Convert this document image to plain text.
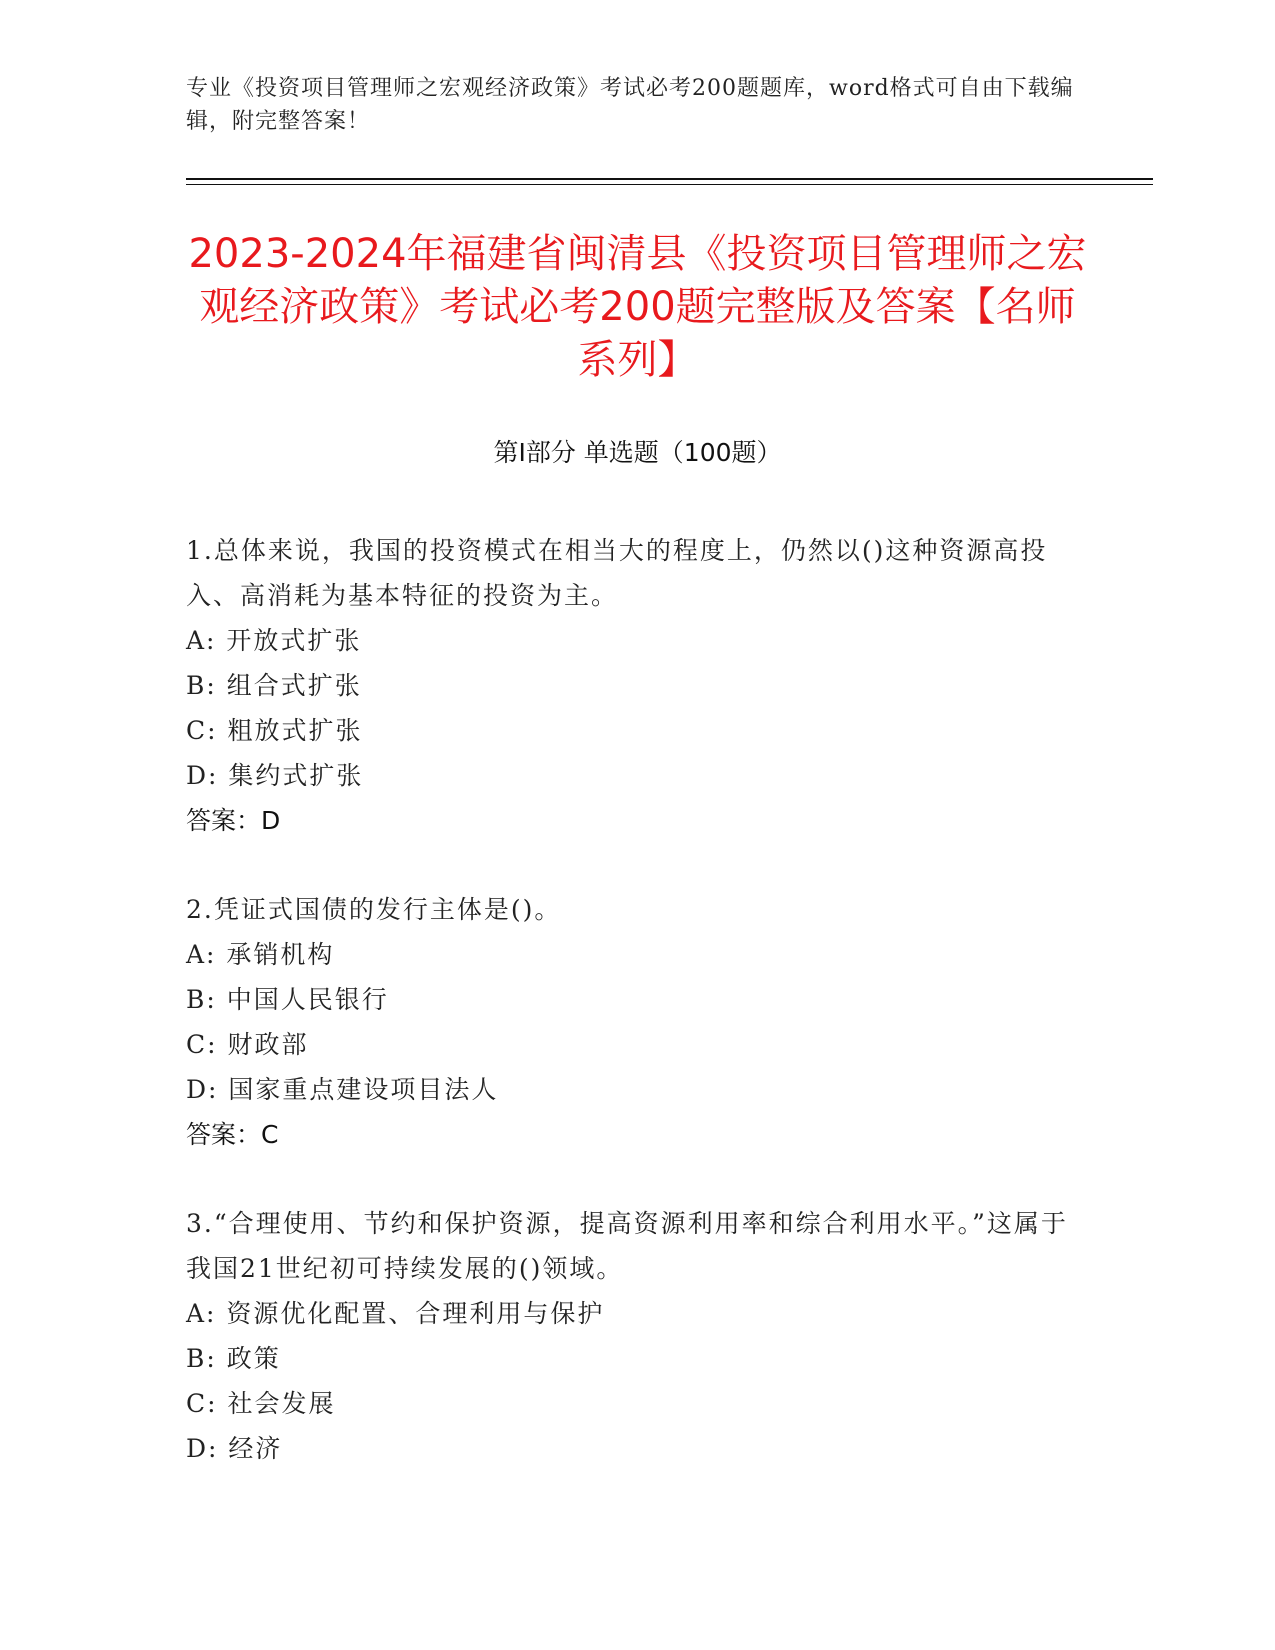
专业《投资项目管理师之宏观经济政策》考试必考200题题库，word格式可自由下载编辑，附完整答案！
2023-2024年福建省闽清县《投资项目管理师之宏观经济政策》考试必考200题完整版及答案【名师系列】
第Ⅰ部分 单选题（100题）
1.总体来说，我国的投资模式在相当大的程度上，仍然以()这种资源高投入、高消耗为基本特征的投资为主。
A: 开放式扩张
B: 组合式扩张
C: 粗放式扩张
D: 集约式扩张
答案：D
2.凭证式国债的发行主体是()。
A: 承销机构
B: 中国人民银行
C: 财政部
D: 国家重点建设项目法人
答案：C
3.“合理使用、节约和保护资源，提高资源利用率和综合利用水平。”这属于我国21世纪初可持续发展的()领域。
A: 资源优化配置、合理利用与保护
B: 政策
C: 社会发展
D: 经济
